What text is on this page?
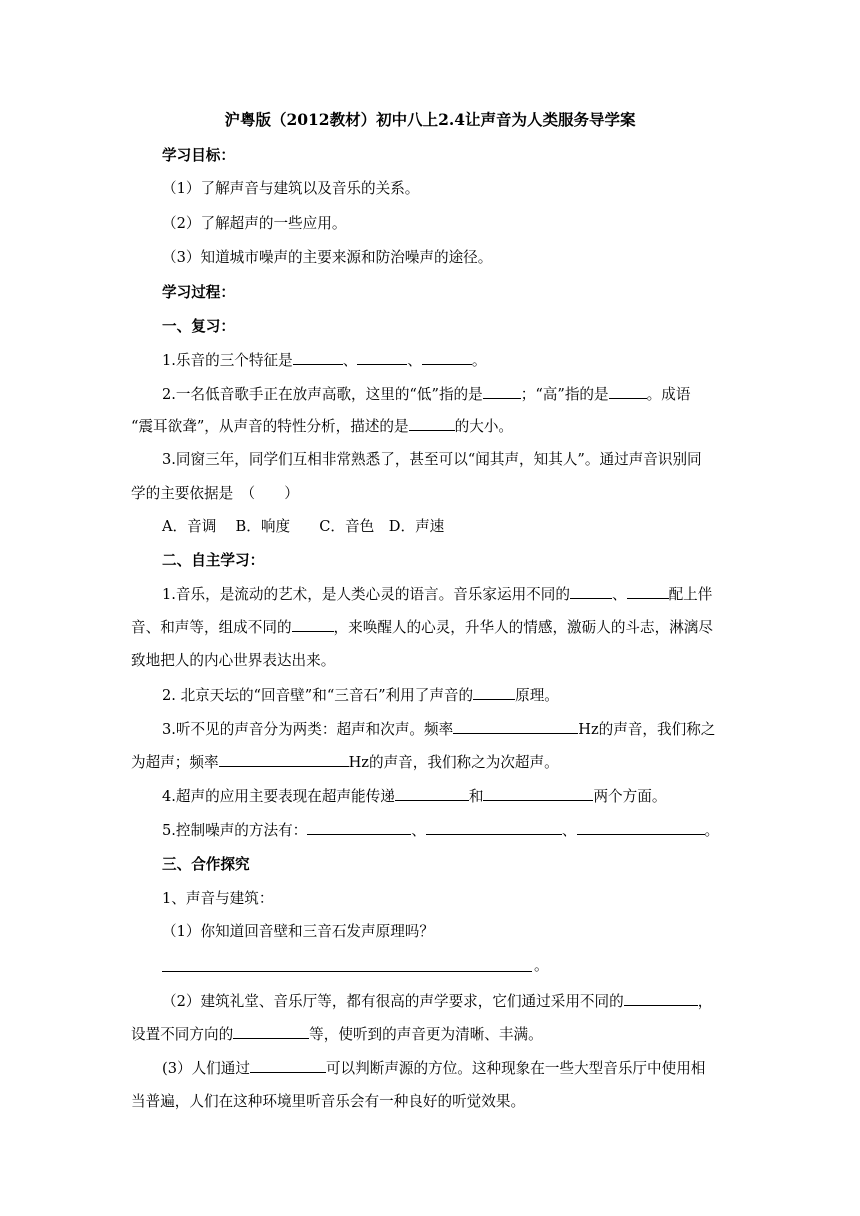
沪粤版（2012教材）初中八上2.4让声音为人类服务导学案
学习目标：
（1）了解声音与建筑以及音乐的关系。
（2）了解超声的一些应用。
（3）知道城市噪声的主要来源和防治噪声的途径。
学习过程：
一、复习：
1.乐音的三个特征是	、	、	。
2.一名低音歌手正在放声高歌，这里的“低”指的是	；“高”指的是	。成语
“震耳欲聋”，从声音的特性分析，描述的是	的大小。
3.同窗三年，同学们互相非常熟悉了，甚至可以“闻其声，知其人”。通过声音识别同
学的主要依据是　（　　）
A．音调　 B．响度　　C．音色　D．声速
二、自主学习：
1.音乐，是流动的艺术，是人类心灵的语言。音乐家运用不同的	、	配上伴
音、和声等，组成不同的	，来唤醒人的心灵，升华人的情感，激砺人的斗志，淋漓尽
致地把人的内心世界表达出来。
2. 北京天坛的“回音壁”和“三音石”利用了声音的	原理。
3.听不见的声音分为两类：超声和次声。频率	Hz的声音，我们称之
为超声；频率	Hz的声音，我们称之为次超声。
4.超声的应用主要表现在超声能传递	和	两个方面。
5.控制噪声的方法有：	、	、	。
三、合作探究
1、声音与建筑：
（1）你知道回音壁和三音石发声原理吗？
。
（2）建筑礼堂、音乐厅等，都有很高的声学要求，它们通过采用不同的	，
设置不同方向的	等，使听到的声音更为清晰、丰满。
(3）人们通过	可以判断声源的方位。这种现象在一些大型音乐厅中使用相
当普遍，人们在这种环境里听音乐会有一种良好的听觉效果。
